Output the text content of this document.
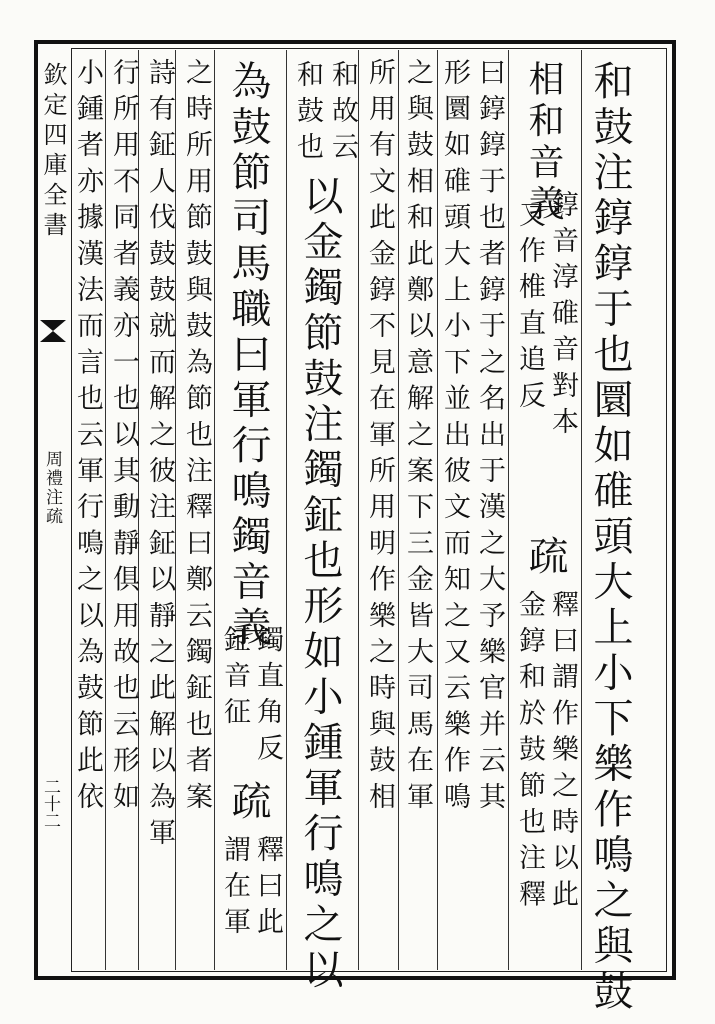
欽定四庫全書
周禮注疏
二十二	和鼓注錞錞于也圜如碓頭大上小下樂作鳴之與鼓
錞音淳碓音對本
又作椎直追反
相和音義
釋曰謂作樂之時以此
金錞和於鼓節也注釋
疏
曰錞錞于也者錞于之名出于漢之大予樂官并云其
形圜如碓頭大上小下並出彼文而知之又云樂作鳴
之與鼓相和此鄭以意解之案下三金皆大司馬在軍
所用有文此金錞不見在軍所用明作樂之時與鼓相
和故云
和鼓也
以金鐲節鼓注鐲鉦也形如小鍾軍行鳴之以
為鼓節司馬職曰軍行鳴鐲音義
鐲直角反
鉦音征
疏
釋曰此
謂在軍
之時所用節鼓與鼓為節也注釋曰鄭云鐲鉦也者案
詩有鉦人伐鼓鼓就而解之彼注鉦以靜之此解以為軍
行所用不同者義亦一也以其動靜俱用故也云形如
小鍾者亦據漢法而言也云軍行鳴之以為鼓節此依
